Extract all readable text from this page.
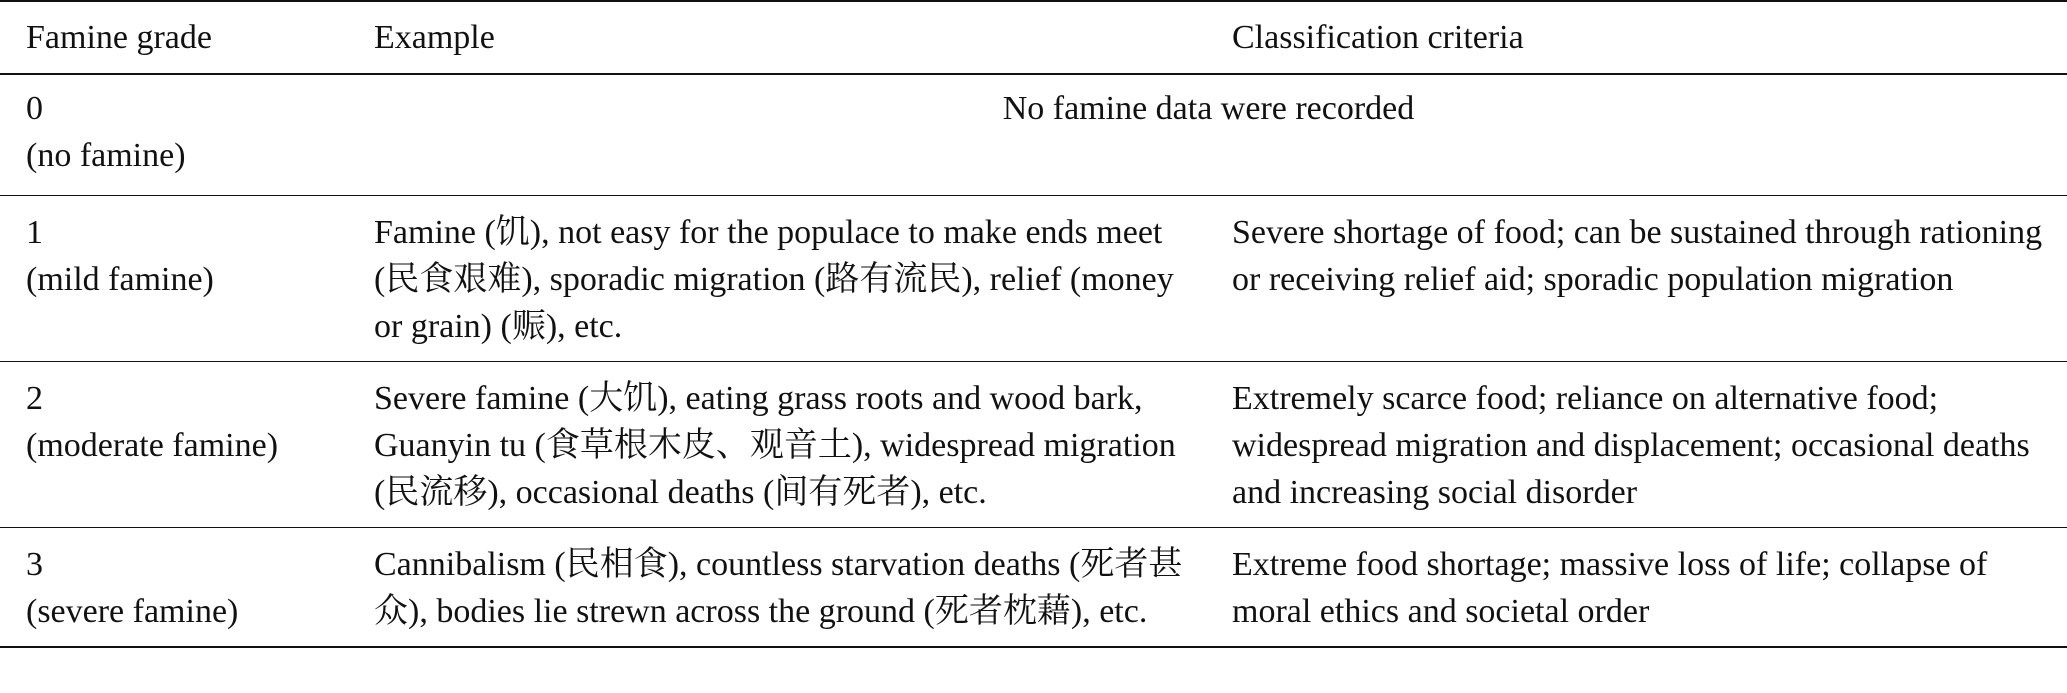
Famine grade	Example	Classification criteria

0
(no famine)	No famine data were recorded	

1
(mild famine)	Famine (饥), not easy for the populace to make ends meet (民食艰难), sporadic migration (路有流民), relief (money or grain) (赈), etc.	Severe shortage of food; can be sustained through rationing or receiving relief aid; sporadic population migration

2
(moderate famine)	Severe famine (大饥), eating grass roots and wood bark, Guanyin tu (食草根木皮、观音土), widespread migration (民流移), occasional deaths (间有死者), etc.	Extremely scarce food; reliance on alternative food; widespread migration and displacement; occasional deaths and increasing social disorder

3
(severe famine)	Cannibalism (民相食), countless starvation deaths (死者甚众), bodies lie strewn across the ground (死者枕藉), etc.	Extreme food shortage; massive loss of life; collapse of moral ethics and societal order
